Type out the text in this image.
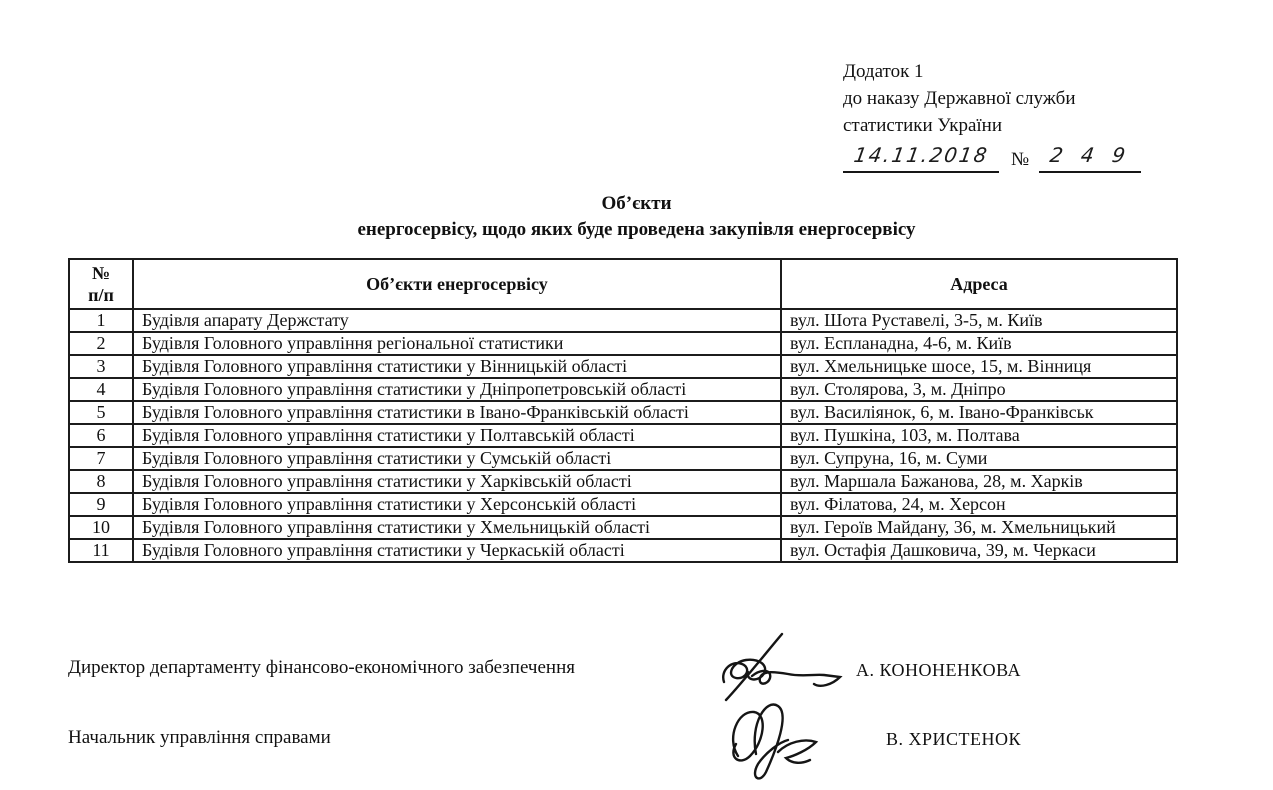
Додаток 1
до наказу Державної служби
статистики України
14.11.2018	№ 2 4 9
Об’єкти
енергосервісу, щодо яких буде проведена закупівля енергосервісу
№
п/п	Об’єкти енергосервісу	Адреса
1	Будівля апарату Держстату	вул. Шота Руставелі, 3-5, м. Київ
2	Будівля Головного управління регіональної статистики	вул. Еспланадна, 4-6, м. Київ
3	Будівля Головного управління статистики у Вінницькій області	вул. Хмельницьке шосе, 15, м. Вінниця
4	Будівля Головного управління статистики у Дніпропетровській області	вул. Столярова, 3, м. Дніпро
5	Будівля Головного управління статистики в Івано-Франківській області	вул. Василіянок, 6, м. Івано-Франківськ
6	Будівля Головного управління статистики у Полтавській області	вул. Пушкіна, 103, м. Полтава
7	Будівля Головного управління статистики у Сумській області	вул. Супруна, 16, м. Суми
8	Будівля Головного управління статистики у Харківській області	вул. Маршала Бажанова, 28, м. Харків
9	Будівля Головного управління статистики у Херсонській області	вул. Філатова, 24, м. Херсон
10	Будівля Головного управління статистики у Хмельницькій області	вул. Героїв Майдану, 36, м. Хмельницький
11	Будівля Головного управління статистики у Черкаській області	вул. Остафія Дашковича, 39, м. Черкаси
Директор департаменту фінансово-економічного забезпечення	А. КОНОНЕНКОВА
Начальник управління справами	В. ХРИСТЕНОК
